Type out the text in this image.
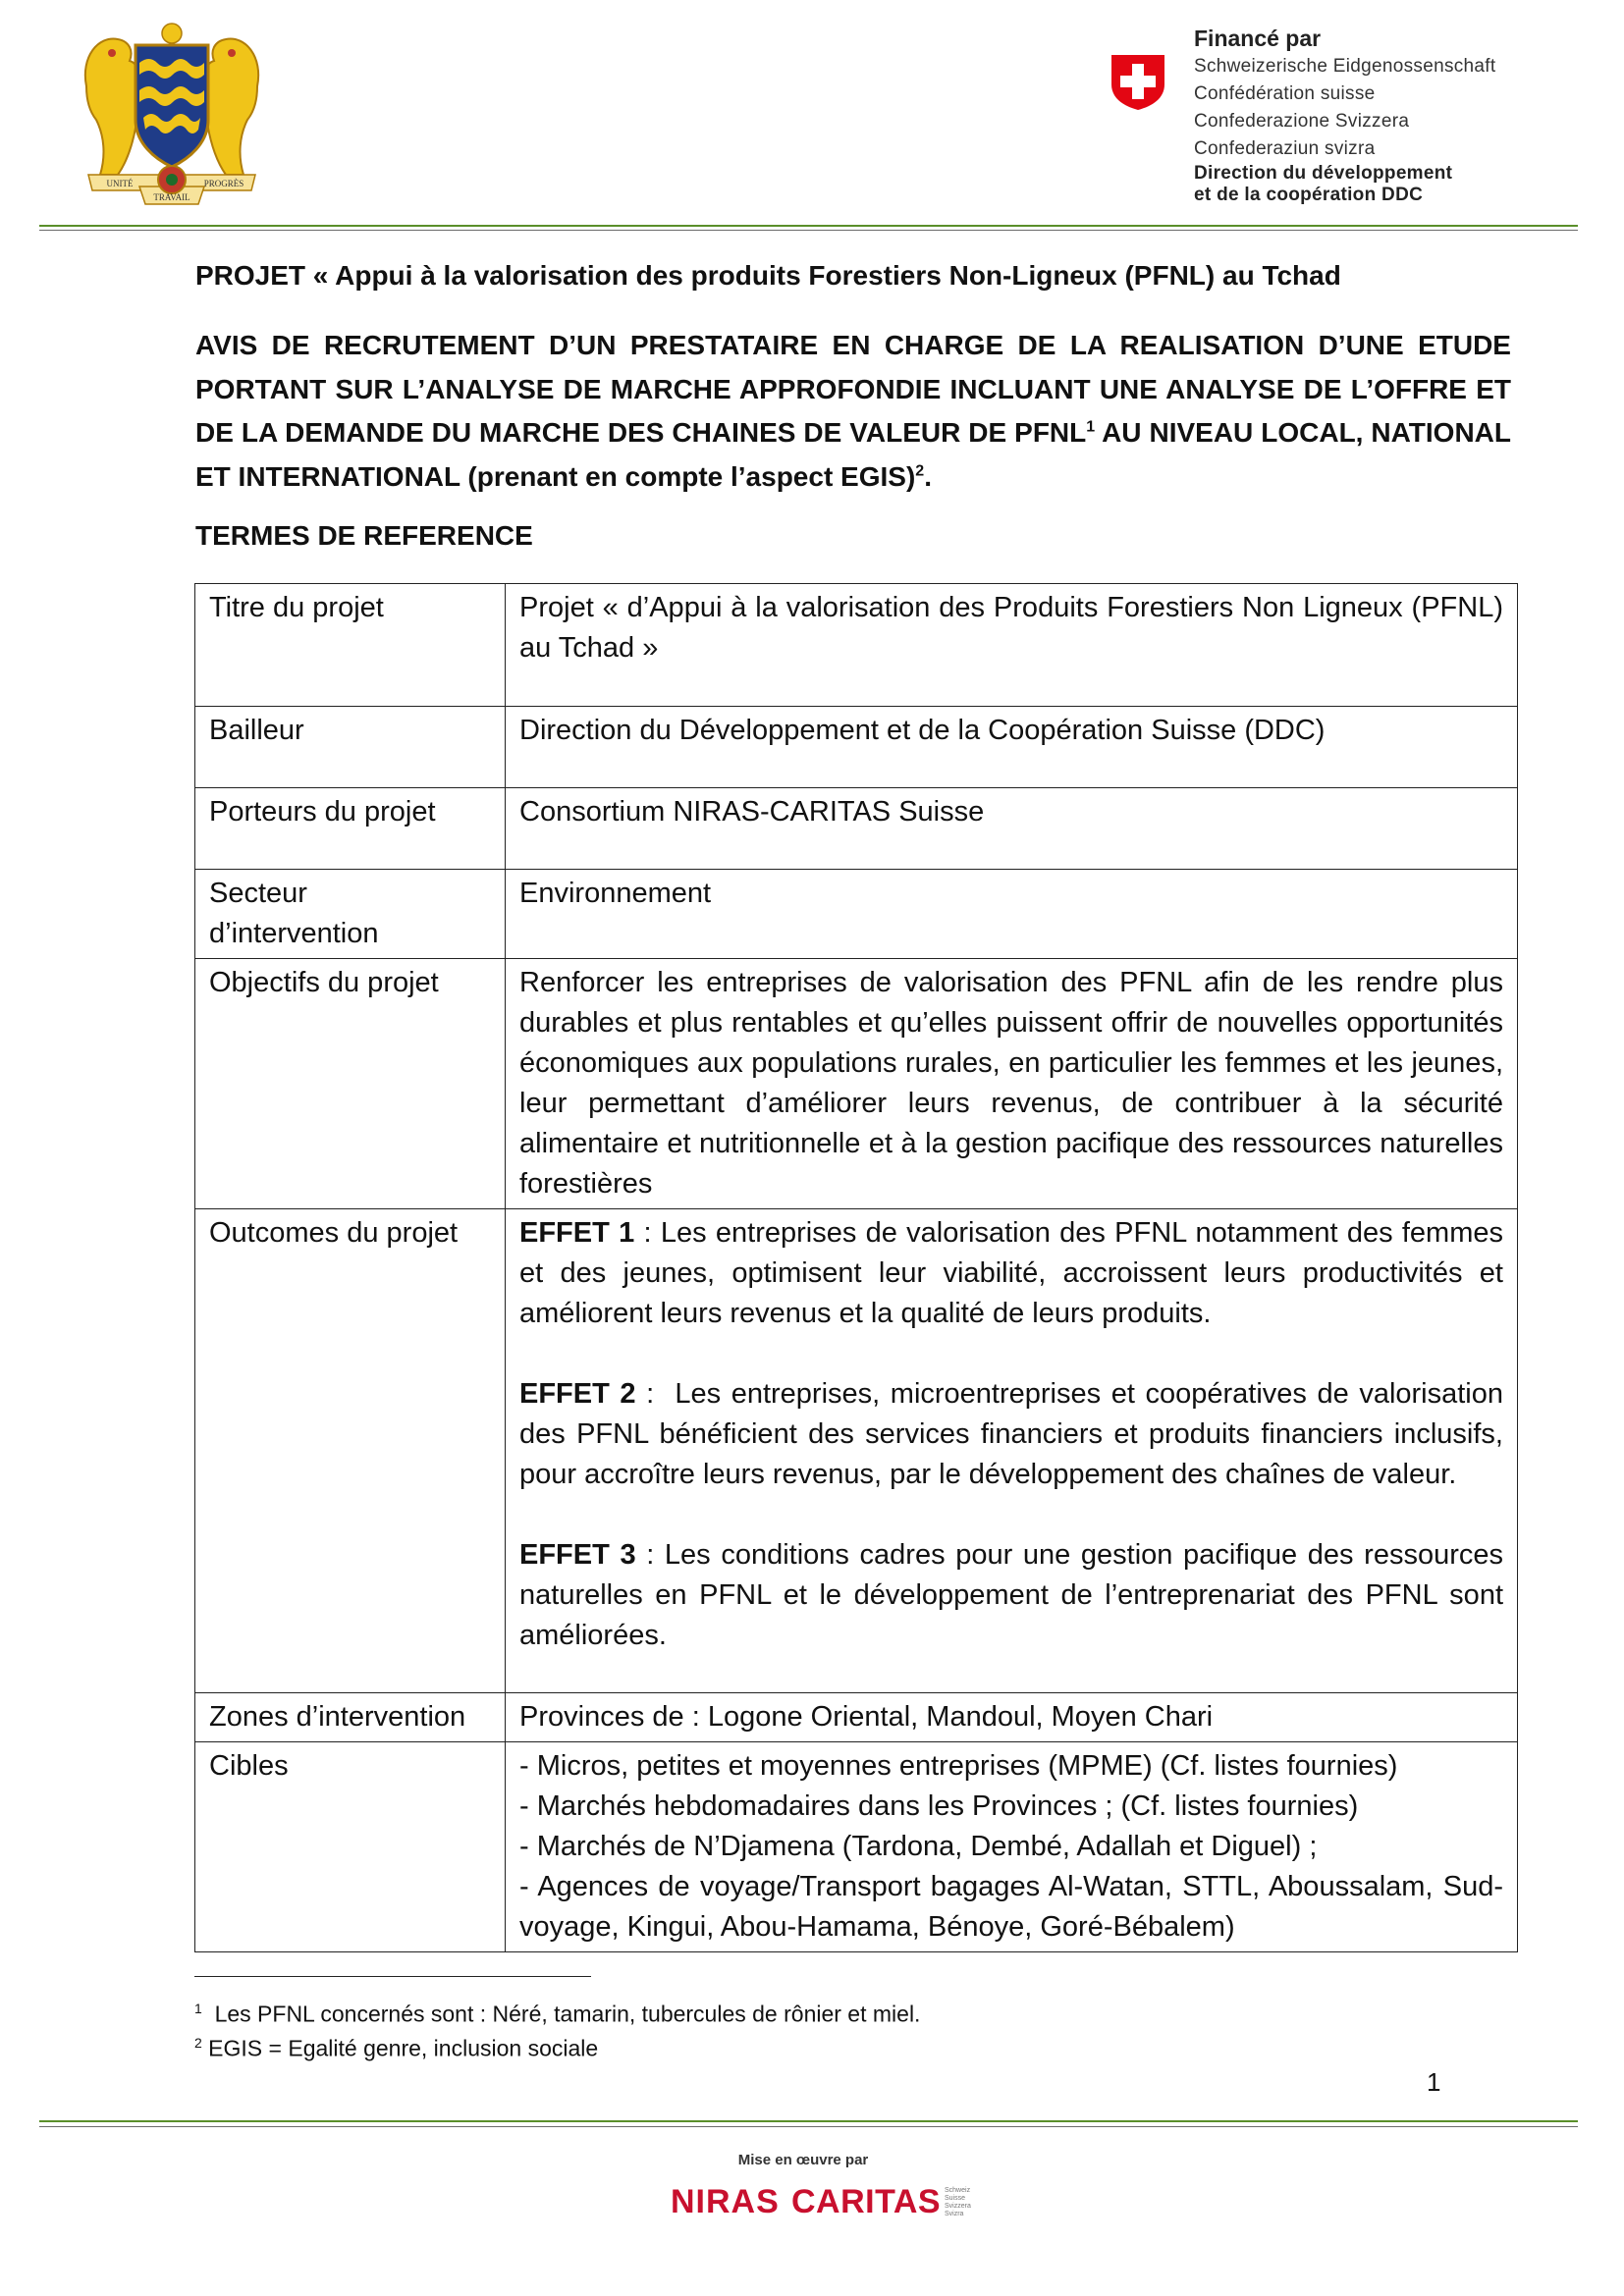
UNITÉ	PROGRÈS
TRAVAIL
Financé par
Schweizerische Eidgenossenschaft
Confédération suisse
Confederazione Svizzera
Confederaziun svizra
Direction du développement
et de la coopération DDC
PROJET « Appui à la valorisation des produits Forestiers Non-Ligneux (PFNL) au Tchad
AVIS DE RECRUTEMENT D’UN PRESTATAIRE EN CHARGE DE LA REALISATION D’UNE ETUDE PORTANT SUR L’ANALYSE DE MARCHE APPROFONDIE INCLUANT UNE ANALYSE DE L’OFFRE ET DE LA DEMANDE DU MARCHE DES CHAINES DE VALEUR DE PFNL$^1$ AU NIVEAU LOCAL, NATIONAL ET INTERNATIONAL (prenant en compte l’aspect EGIS)$^2$.
TERMES DE REFERENCE
Titre du projet	Projet « d’Appui à la valorisation des Produits Forestiers Non Ligneux (PFNL) au Tchad »
Bailleur	Direction du Développement et de la Coopération Suisse (DDC)
Porteurs du projet	Consortium NIRAS-CARITAS Suisse
Secteur d’intervention	Environnement
Objectifs du projet	Renforcer les entreprises de valorisation des PFNL afin de les rendre plus durables et plus rentables et qu’elles puissent offrir de nouvelles opportunités économiques aux populations rurales, en particulier les femmes et les jeunes, leur permettant d’améliorer leurs revenus, de contribuer à la sécurité alimentaire et nutritionnelle et à la gestion pacifique des ressources naturelles forestières
Outcomes du projet	EFFET 1 : Les entreprises de valorisation des PFNL notamment des femmes et des jeunes, optimisent leur viabilité, accroissent leurs productivités et améliorent leurs revenus et la qualité de leurs produits.
EFFET 2 :  Les entreprises, microentreprises et coopératives de valorisation des PFNL bénéficient des services financiers et produits financiers inclusifs, pour accroître leurs revenus, par le développement des chaînes de valeur.
EFFET 3 : Les conditions cadres pour une gestion pacifique des ressources naturelles en PFNL et le développement de l’entreprenariat des PFNL sont améliorées.

Zones d’intervention	Provinces de : Logone Oriental, Mandoul, Moyen Chari
Cibles	- Micros, petites et moyennes entreprises (MPME) (Cf. listes fournies)
- Marchés hebdomadaires dans les Provinces ; (Cf. listes fournies)
- Marchés de N’Djamena (Tardona, Dembé, Adallah et Diguel) ;
- Agences de voyage/Transport bagages Al-Watan, STTL, Aboussalam, Sud-voyage, Kingui, Abou-Hamama, Bénoye, Goré-Bébalem)
$^1$  Les PFNL concernés sont : Néré, tamarin, tubercules de rônier et miel.
$^2$ EGIS = Egalité genre, inclusion sociale
1
Mise en œuvre par
NIRAS CARITAS Schweiz Suisse Svizzera Svizra
